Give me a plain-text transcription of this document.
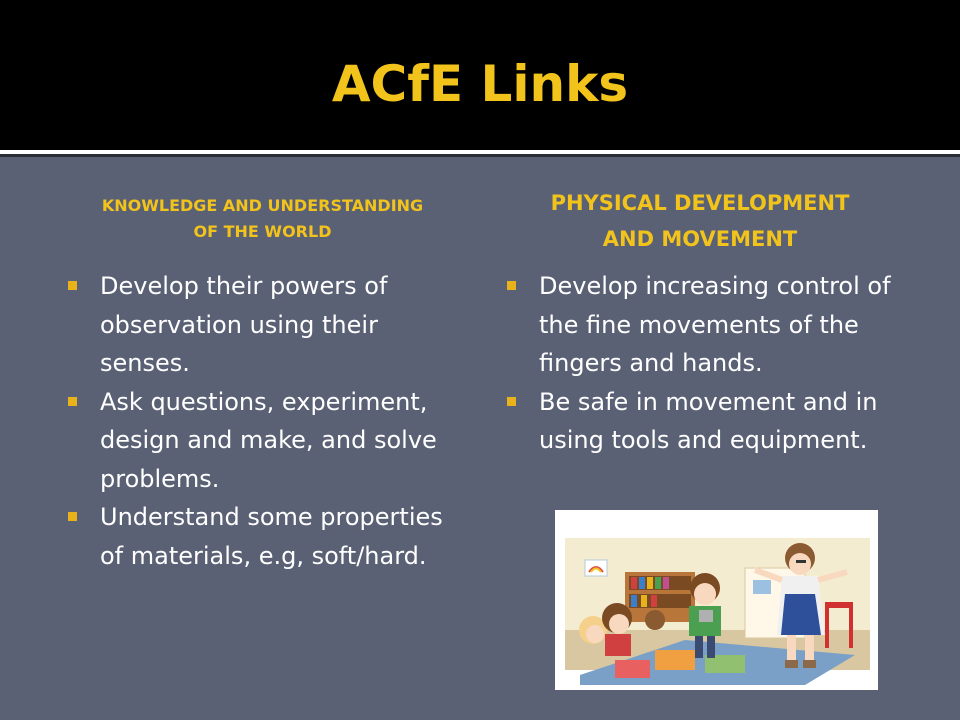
ACfE Links
KNOWLEDGE AND UNDERSTANDING
OF THE WORLD
PHYSICAL DEVELOPMENT
AND MOVEMENT
Develop their powers of observation using their senses.
Ask questions, experiment, design and make, and solve problems.
Understand some properties of materials, e.g, soft/hard.
Develop increasing control of the fine movements of the fingers and hands.
Be safe in movement and in using tools and equipment.
